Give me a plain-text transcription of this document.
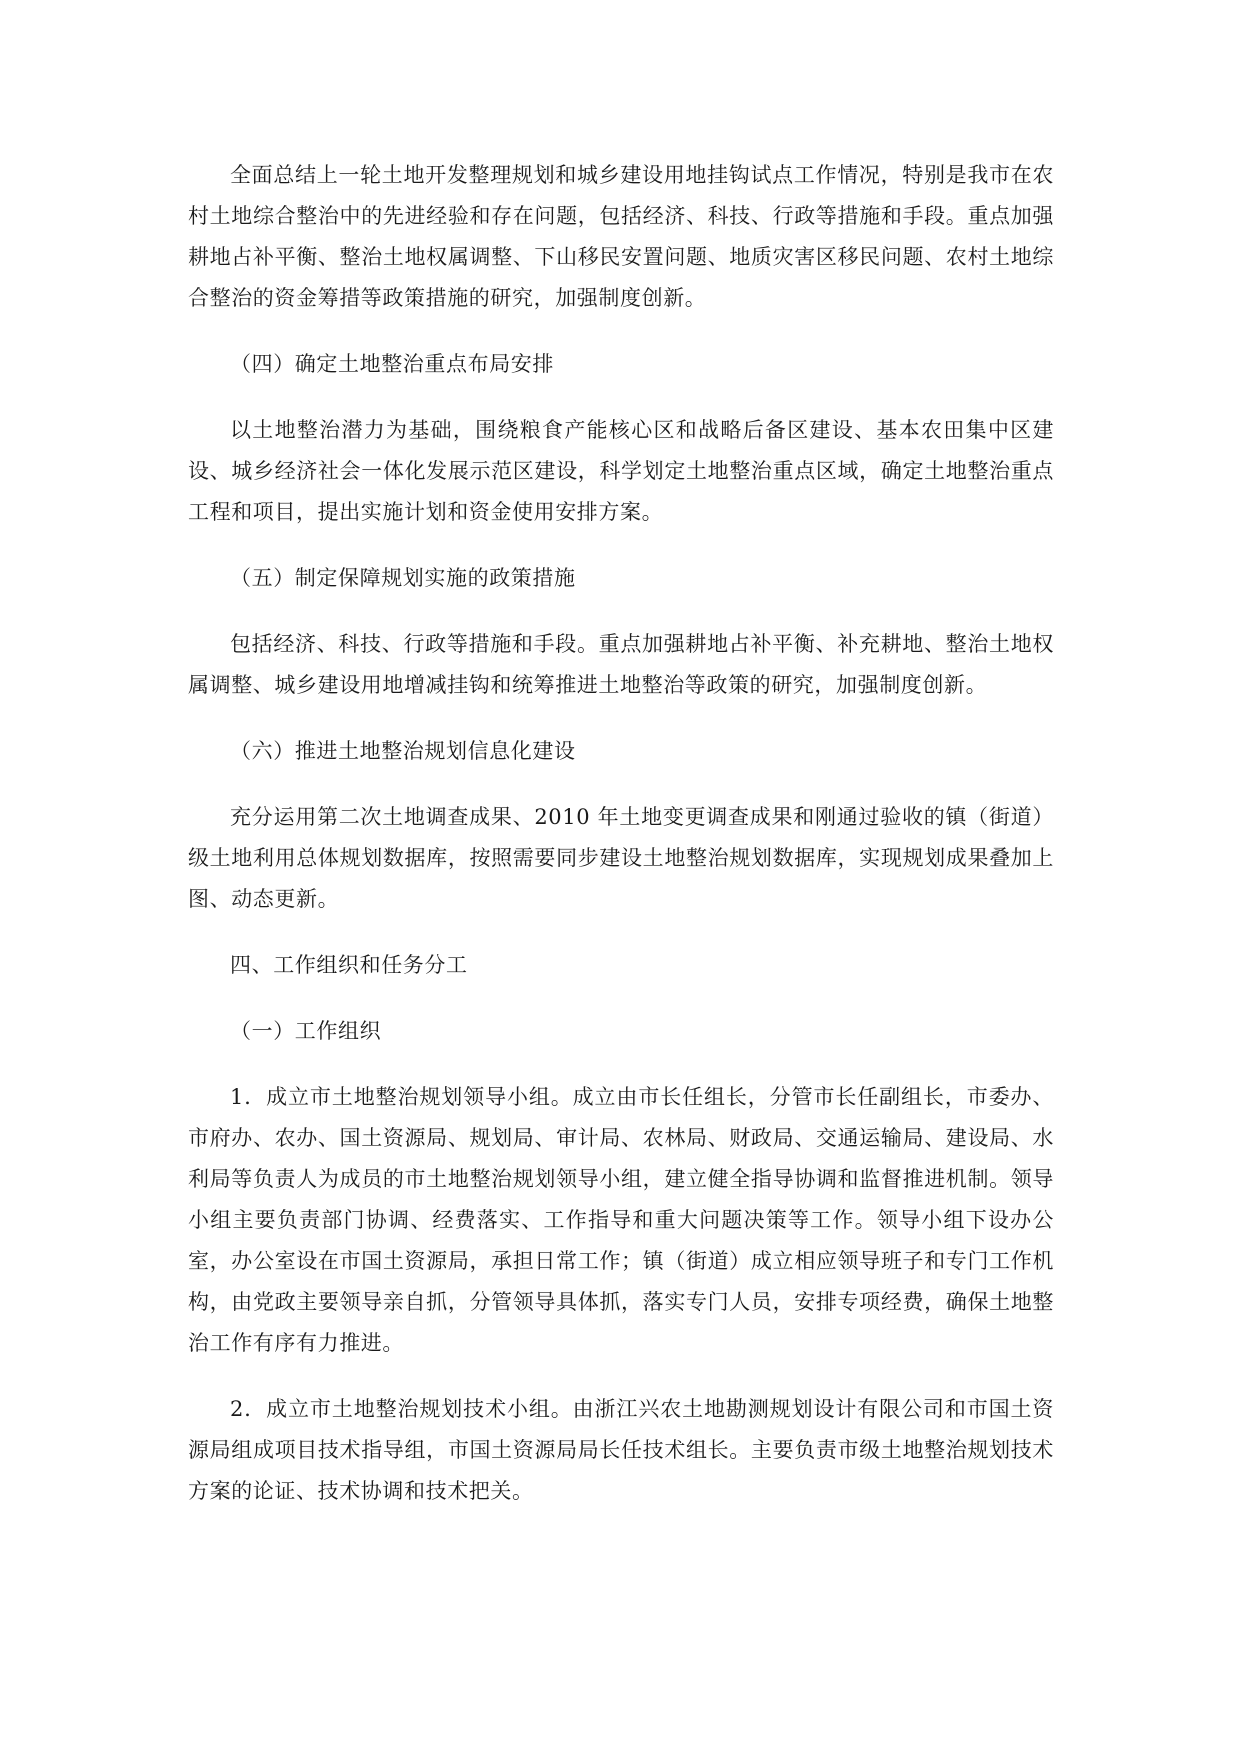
全面总结上一轮土地开发整理规划和城乡建设用地挂钩试点工作情况，特别是我市在农村土地综合整治中的先进经验和存在问题，包括经济、科技、行政等措施和手段。重点加强耕地占补平衡、整治土地权属调整、下山移民安置问题、地质灾害区移民问题、农村土地综合整治的资金筹措等政策措施的研究，加强制度创新。

（四）确定土地整治重点布局安排

以土地整治潜力为基础，围绕粮食产能核心区和战略后备区建设、基本农田集中区建设、城乡经济社会一体化发展示范区建设，科学划定土地整治重点区域，确定土地整治重点工程和项目，提出实施计划和资金使用安排方案。

（五）制定保障规划实施的政策措施

包括经济、科技、行政等措施和手段。重点加强耕地占补平衡、补充耕地、整治土地权属调整、城乡建设用地增减挂钩和统筹推进土地整治等政策的研究，加强制度创新。

（六）推进土地整治规划信息化建设

充分运用第二次土地调查成果、2010 年土地变更调查成果和刚通过验收的镇（街道）级土地利用总体规划数据库，按照需要同步建设土地整治规划数据库，实现规划成果叠加上图、动态更新。

四、工作组织和任务分工

（一）工作组织

1．成立市土地整治规划领导小组。成立由市长任组长，分管市长任副组长，市委办、市府办、农办、国土资源局、规划局、审计局、农林局、财政局、交通运输局、建设局、水利局等负责人为成员的市土地整治规划领导小组，建立健全指导协调和监督推进机制。领导小组主要负责部门协调、经费落实、工作指导和重大问题决策等工作。领导小组下设办公室，办公室设在市国土资源局，承担日常工作；镇（街道）成立相应领导班子和专门工作机构，由党政主要领导亲自抓，分管领导具体抓，落实专门人员，安排专项经费，确保土地整治工作有序有力推进。

2．成立市土地整治规划技术小组。由浙江兴农土地勘测规划设计有限公司和市国土资源局组成项目技术指导组，市国土资源局局长任技术组长。主要负责市级土地整治规划技术方案的论证、技术协调和技术把关。
